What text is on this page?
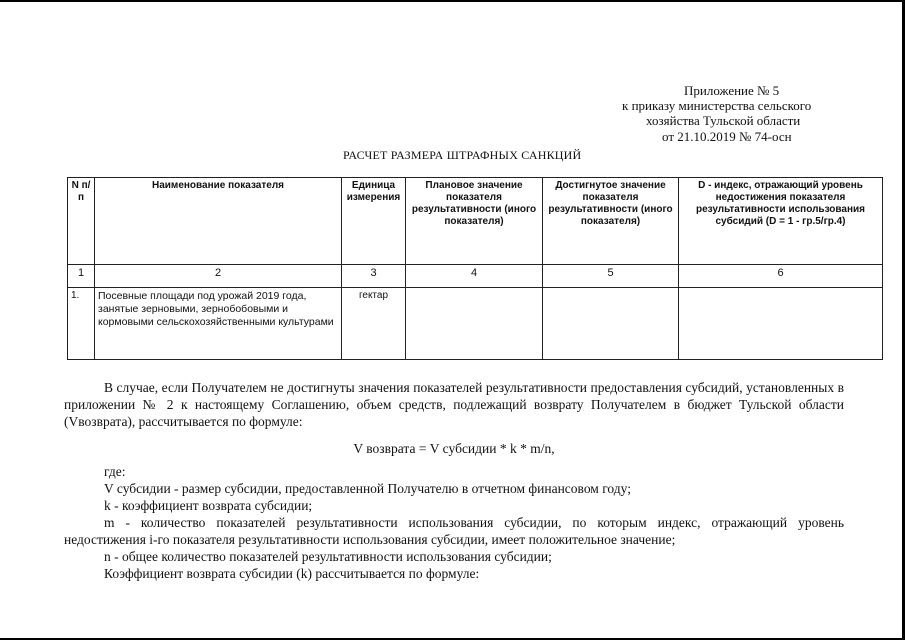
Приложение № 5
к приказу министерства сельского
хозяйства Тульской области
от 21.10.2019 № 74-осн
РАСЧЕТ РАЗМЕРА ШТРАФНЫХ САНКЦИЙ
N п/п	Наименование показателя	Единица измерения	Плановое значение показателя результативности (иного показателя)	Достигнутое значение показателя результативности (иного показателя)	D - индекс, отражающий уровень недостижения показателя результативности использования субсидий (D = 1 - гр.5/гр.4)
1	2	3	4	5	6
1.	Посевные площади под урожай 2019 года, занятые зерновыми, зернобобовыми и кормовыми сельскохозяйственными культурами	гектар			

В случае, если Получателем не достигнуты значения показателей результативности предоставления субсидий, установленных в приложении № 2 к настоящему Соглашению, объем средств, подлежащий возврату Получателем в бюджет Тульской области (Vвозврата), рассчитывается по формуле:

V возврата = V субсидии * k * m/n,

где:

V субсидии - размер субсидии, предоставленной Получателю в отчетном финансовом году;

k - коэффициент возврата субсидии;

m - количество показателей результативности использования субсидии, по которым индекс, отражающий уровень недостижения i-го показателя результативности использования субсидии, имеет положительное значение;

n - общее количество показателей результативности использования субсидии;

Коэффициент возврата субсидии (k) рассчитывается по формуле:
